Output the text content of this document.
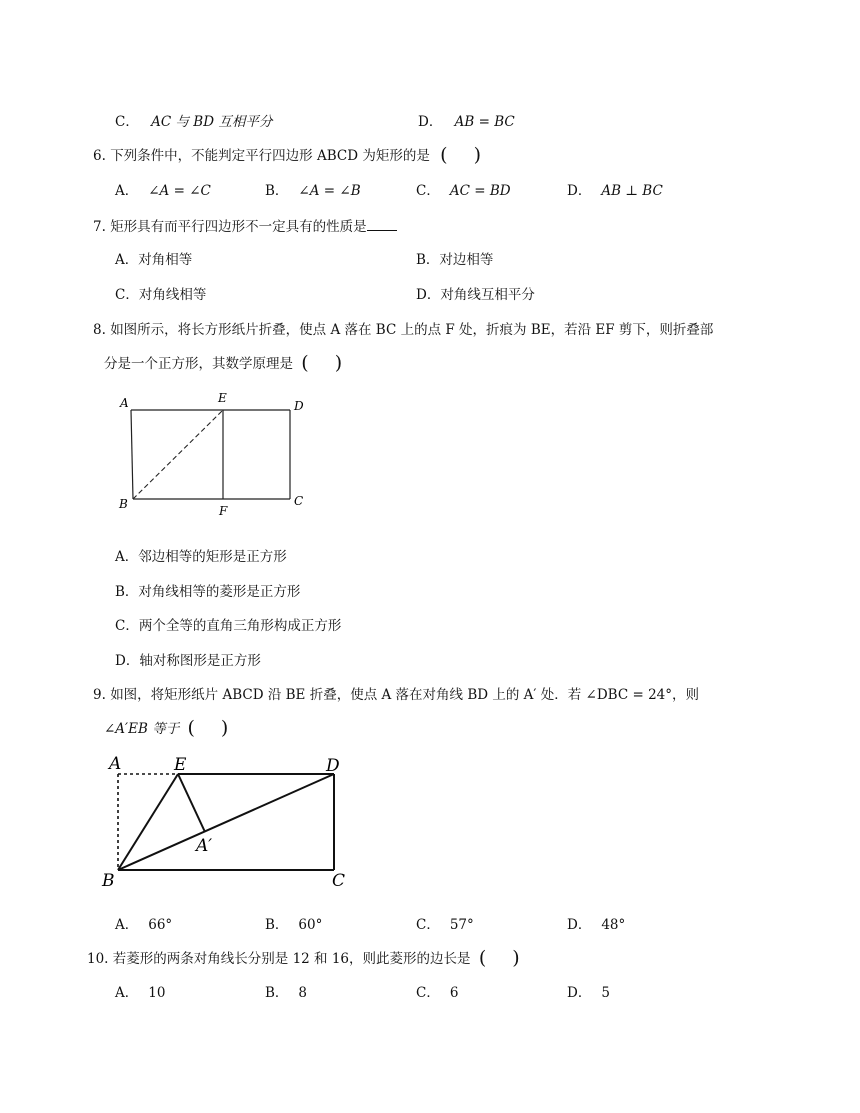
C． AC 与 BD 互相平分	D． AB = BC
6. 下列条件中，不能判定平行四边形 ABCD 为矩形的是 ( )
A． ∠A = ∠C	B． ∠A = ∠B	C． AC = BD	D． AB ⊥ BC
7. 矩形具有而平行四边形不一定具有的性质是
A．对角相等	B．对边相等
C．对角线相等	D．对角线互相平分
8. 如图所示，将长方形纸片折叠，使点 A 落在 BC 上的点 F 处，折痕为 BE，若沿 EF 剪下，则折叠部
分是一个正方形，其数学原理是 ( )
A	E
D
B	F
C
A．邻边相等的矩形是正方形
B．对角线相等的菱形是正方形
C．两个全等的直角三角形构成正方形
D．轴对称图形是正方形
9. 如图，将矩形纸片 ABCD 沿 BE 折叠，使点 A 落在对角线 BD 上的 A′ 处．若 ∠DBC = 24°，则
∠A′EB 等于 ( )
A	E	D
A′
B	C
A． 66°	B． 60°	C． 57°	D． 48°
10. 若菱形的两条对角线长分别是 12 和 16，则此菱形的边长是 ( )
A． 10	B． 8	C． 6	D． 5
